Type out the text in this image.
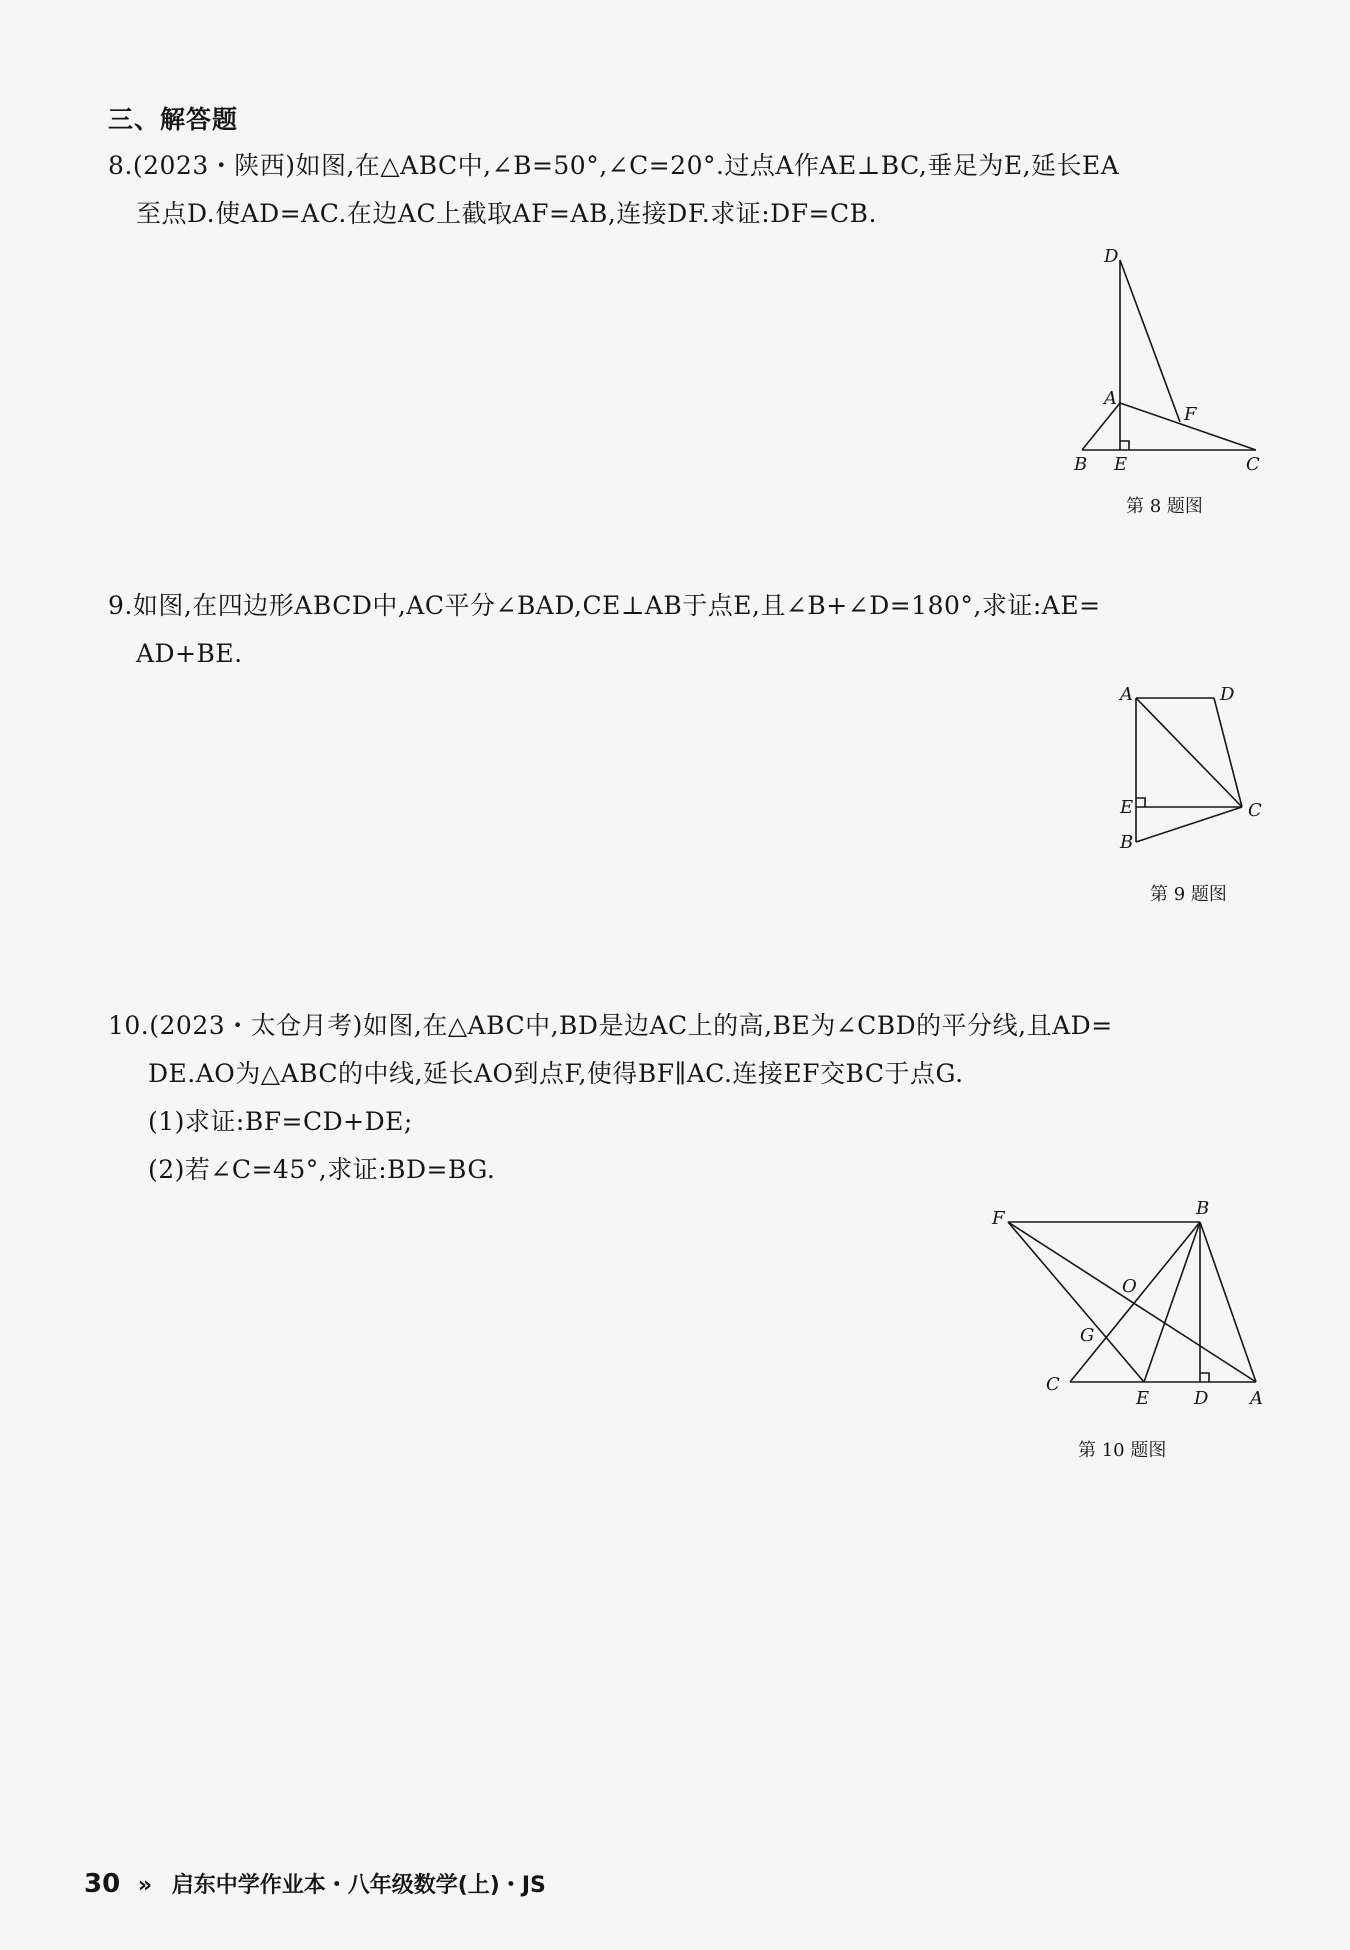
三、解答题
8.(2023・陕西)如图,在△ABC中,∠B=50°,∠C=20°.过点A作AE⊥BC,垂足为E,延长EA
至点D.使AD=AC.在边AC上截取AF=AB,连接DF.求证:DF=CB.
D
A
F
B E	C
第 8 题图
9.如图,在四边形ABCD中,AC平分∠BAD,CE⊥AB于点E,且∠B+∠D=180°,求证:AE=
AD+BE.
A	D
E	C
B
第 9 题图
10.(2023・太仓月考)如图,在△ABC中,BD是边AC上的高,BE为∠CBD的平分线,且AD=
DE.AO为△ABC的中线,延长AO到点F,使得BF∥AC.连接EF交BC于点G.
(1)求证:BF=CD+DE;
(2)若∠C=45°,求证:BD=BG.
F	B
O
G
C
E D A
第 10 题图
30 » 启东中学作业本・八年级数学(上)・JS
